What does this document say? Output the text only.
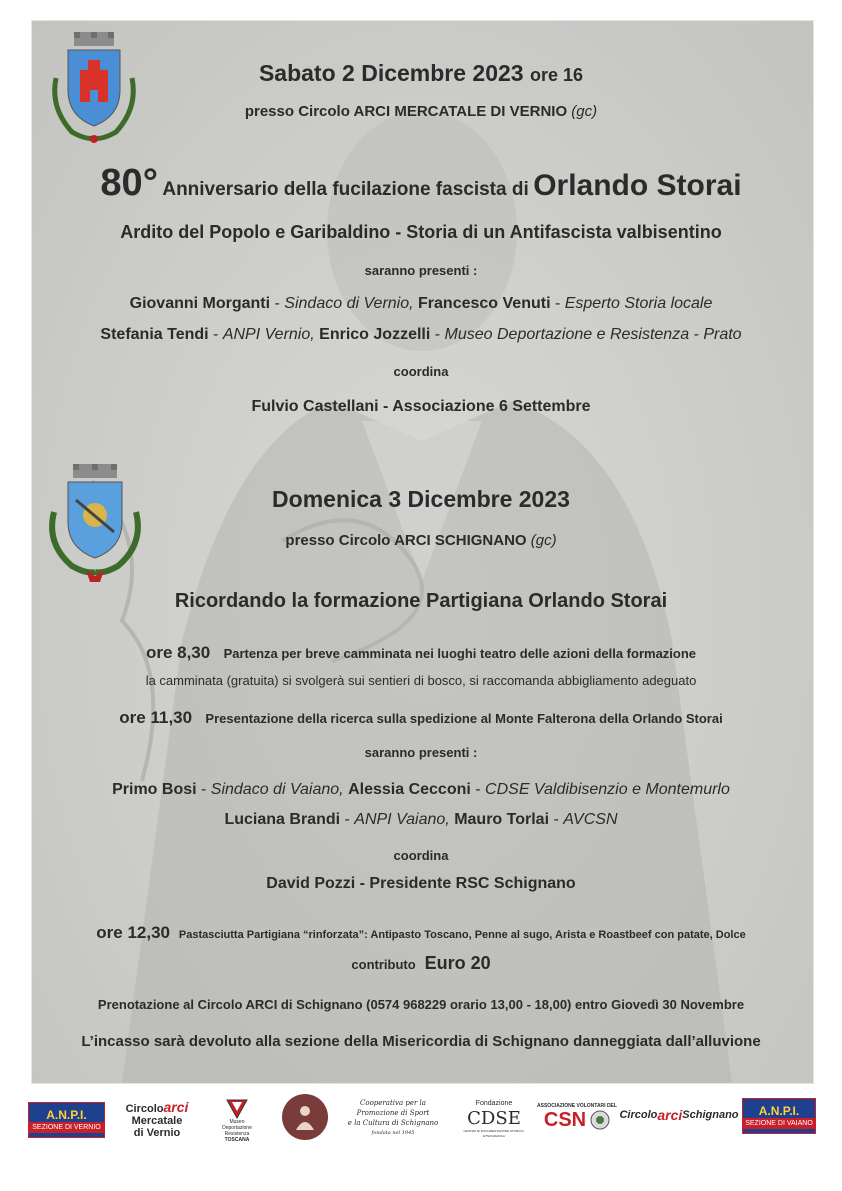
Sabato 2 Dicembre 2023 ore 16
presso Circolo ARCI MERCATALE DI VERNIO (gc)
80° Anniversario della fucilazione fascista di Orlando Storai
Ardito del Popolo e Garibaldino - Storia di un Antifascista valbisentino
saranno presenti :
Giovanni Morganti - Sindaco di Vernio, Francesco Venuti - Esperto Storia locale
Stefania Tendi - ANPI Vernio, Enrico Jozzelli - Museo Deportazione e Resistenza - Prato
coordina
Fulvio Castellani - Associazione 6 Settembre
Domenica 3 Dicembre 2023
presso Circolo ARCI SCHIGNANO (gc)
Ricordando la formazione Partigiana Orlando Storai
ore 8,30 Partenza per breve camminata nei luoghi teatro delle azioni della formazione
la camminata (gratuita) si svolgerà sui sentieri di bosco, si raccomanda abbigliamento adeguato
ore 11,30 Presentazione della ricerca sulla spedizione al Monte Falterona della Orlando Storai
saranno presenti :
Primo Bosi - Sindaco di Vaiano, Alessia Cecconi - CDSE Valdibisenzio e Montemurlo
Luciana Brandi - ANPI Vaiano, Mauro Torlai - AVCSN
coordina
David Pozzi - Presidente RSC Schignano
ore 12,30 Pastasciutta Partigiana “rinforzata”: Antipasto Toscano, Penne al sugo, Arista e Roastbeef con patate, Dolce
contributo Euro 20
Prenotazione al Circolo ARCI di Schignano (0574 968229 orario 13,00 - 18,00) entro Giovedì 30 Novembre
L’incasso sarà devoluto alla sezione della Misericordia di Schignano danneggiata dall’alluvione
A.N.P.I.
SEZIONE DI VERNIO
Circoloarci
Mercatale
di Vernio
Museo
Deportazione
Resistenza
TOSCANA
Cooperativa per la Promozione di Sport
e la Cultura di Schignano
fondata nel 1945
Fondazione
CDSE
CENTRO DI DOCUMENTAZIONE STORICO-ETNOGRAFICA
ASSOCIAZIONE VOLONTARI DEL
CSN	Circolo arci Schignano A.N.P.I.
SEZIONE DI VAIANO
